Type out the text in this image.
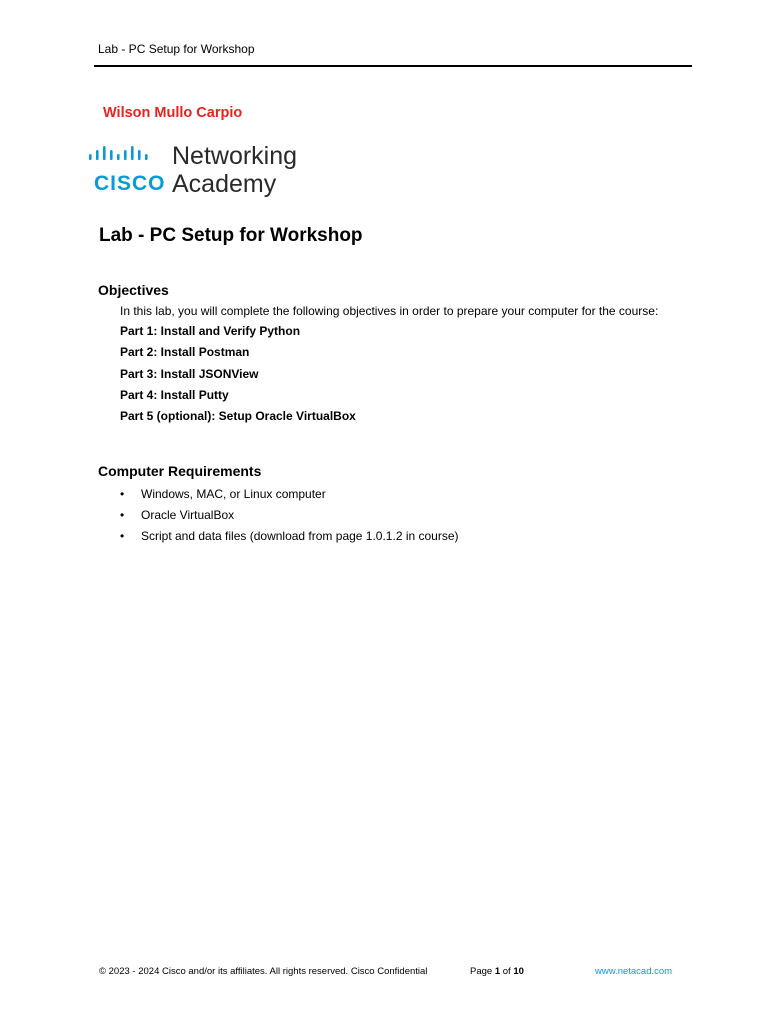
Lab - PC Setup for Workshop
Wilson Mullo Carpio
CISCO
Networking
Academy
Lab - PC Setup for Workshop
Objectives
In this lab, you will complete the following objectives in order to prepare your computer for the course:
Part 1: Install and Verify Python
Part 2: Install Postman
Part 3: Install JSONView
Part 4: Install Putty
Part 5 (optional): Setup Oracle VirtualBox
Computer Requirements
• Windows, MAC, or Linux computer
• Oracle VirtualBox
• Script and data files (download from page 1.0.1.2 in course)
© 2023 - 2024 Cisco and/or its affiliates. All rights reserved. Cisco Confidential	Page 1 of 10	www.netacad.com
